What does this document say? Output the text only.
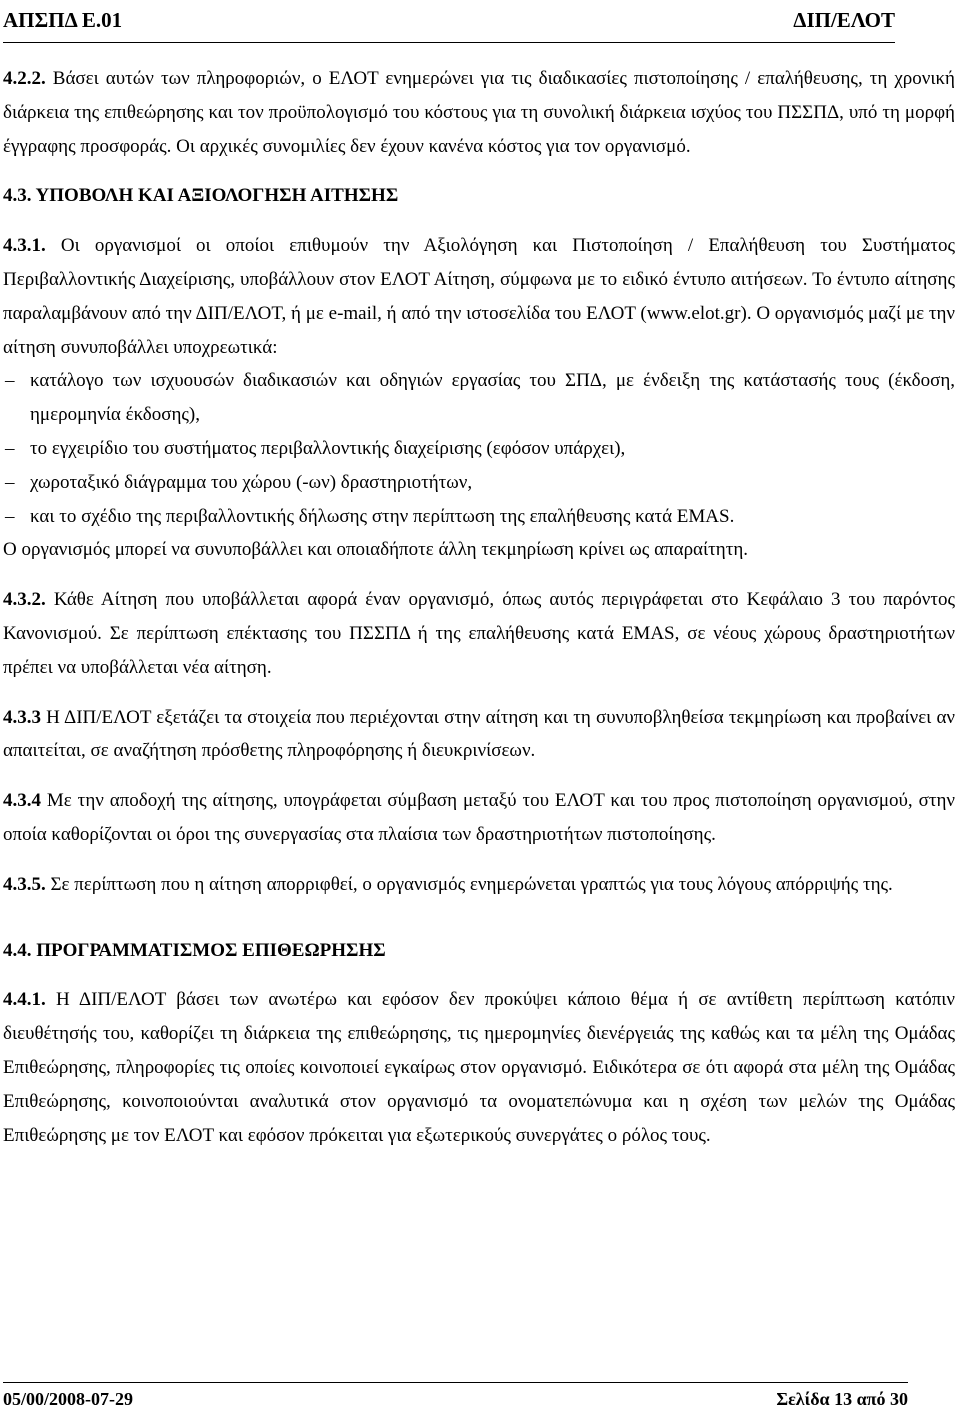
ΑΠΣΠΔ Ε.01	ΔΙΠ/ΕΛΟΤ

4.2.2. Βάσει αυτών των πληροφοριών, ο ΕΛΟΤ ενημερώνει για τις διαδικασίες πιστοποίησης / επαλήθευσης, τη χρονική διάρκεια της επιθεώρησης και τον προϋπολογισμό του κόστους για τη συνολική διάρκεια ισχύος του ΠΣΣΠΔ, υπό τη μορφή έγγραφης προσφοράς. Οι αρχικές συνομιλίες δεν έχουν κανένα κόστος για τον οργανισμό.

4.3. ΥΠΟΒΟΛΗ ΚΑΙ ΑΞΙΟΛΟΓΗΣΗ ΑΙΤΗΣΗΣ

4.3.1. Οι οργανισμοί οι οποίοι επιθυμούν την Αξιολόγηση και Πιστοποίηση / Επαλήθευση του Συστήματος Περιβαλλοντικής Διαχείρισης, υποβάλλουν στον ΕΛΟΤ Αίτηση, σύμφωνα με το ειδικό έντυπο αιτήσεων. Το έντυπο αίτησης παραλαμβάνουν από την ΔΙΠ/ΕΛΟΤ, ή με e-mail, ή από την ιστοσελίδα του ΕΛΟΤ (www.elot.gr). Ο οργανισμός μαζί με την αίτηση συνυποβάλλει υποχρεωτικά:

– κατάλογο των ισχυουσών διαδικασιών και οδηγιών εργασίας του ΣΠΔ, με ένδειξη της κατάστασής τους (έκδοση, ημερομηνία έκδοσης),
– το εγχειρίδιο του συστήματος περιβαλλοντικής διαχείρισης (εφόσον υπάρχει),
– χωροταξικό διάγραμμα του χώρου (-ων) δραστηριοτήτων,
– και το σχέδιο της περιβαλλοντικής δήλωσης στην περίπτωση της επαλήθευσης κατά EMAS.

Ο οργανισμός μπορεί να συνυποβάλλει και οποιαδήποτε άλλη τεκμηρίωση κρίνει ως απαραίτητη.

4.3.2. Κάθε Αίτηση που υποβάλλεται αφορά έναν οργανισμό, όπως αυτός περιγράφεται στο Κεφάλαιο 3 του παρόντος Κανονισμού. Σε περίπτωση επέκτασης του ΠΣΣΠΔ ή της επαλήθευσης κατά EMAS, σε νέους χώρους δραστηριοτήτων πρέπει να υποβάλλεται νέα αίτηση.

4.3.3 Η ΔΙΠ/ΕΛΟΤ εξετάζει τα στοιχεία που περιέχονται στην αίτηση και τη συνυποβληθείσα τεκμηρίωση και προβαίνει αν απαιτείται, σε αναζήτηση πρόσθετης πληροφόρησης ή διευκρινίσεων.

4.3.4 Με την αποδοχή της αίτησης, υπογράφεται σύμβαση μεταξύ του ΕΛΟΤ και του προς πιστοποίηση οργανισμού, στην οποία καθορίζονται οι όροι της συνεργασίας στα πλαίσια των δραστηριοτήτων πιστοποίησης.

4.3.5. Σε περίπτωση που η αίτηση απορριφθεί, ο οργανισμός ενημερώνεται γραπτώς για τους λόγους απόρριψής της.

4.4. ΠΡΟΓΡΑΜΜΑΤΙΣΜΟΣ ΕΠΙΘΕΩΡΗΣΗΣ

4.4.1. Η ΔΙΠ/ΕΛΟΤ βάσει των ανωτέρω και εφόσον δεν προκύψει κάποιο θέμα ή σε αντίθετη περίπτωση κατόπιν διευθέτησής του, καθορίζει τη διάρκεια της επιθεώρησης, τις ημερομηνίες διενέργειάς της καθώς και τα μέλη της Ομάδας Επιθεώρησης, πληροφορίες τις οποίες κοινοποιεί εγκαίρως στον οργανισμό. Ειδικότερα σε ότι αφορά στα μέλη της Ομάδας Επιθεώρησης, κοινοποιούνται αναλυτικά στον οργανισμό τα ονοματεπώνυμα και η σχέση των μελών της Ομάδας Επιθεώρησης με τον ΕΛΟΤ και εφόσον πρόκειται για εξωτερικούς συνεργάτες ο ρόλος τους.

05/00/2008-07-29	Σελίδα 13 από 30
